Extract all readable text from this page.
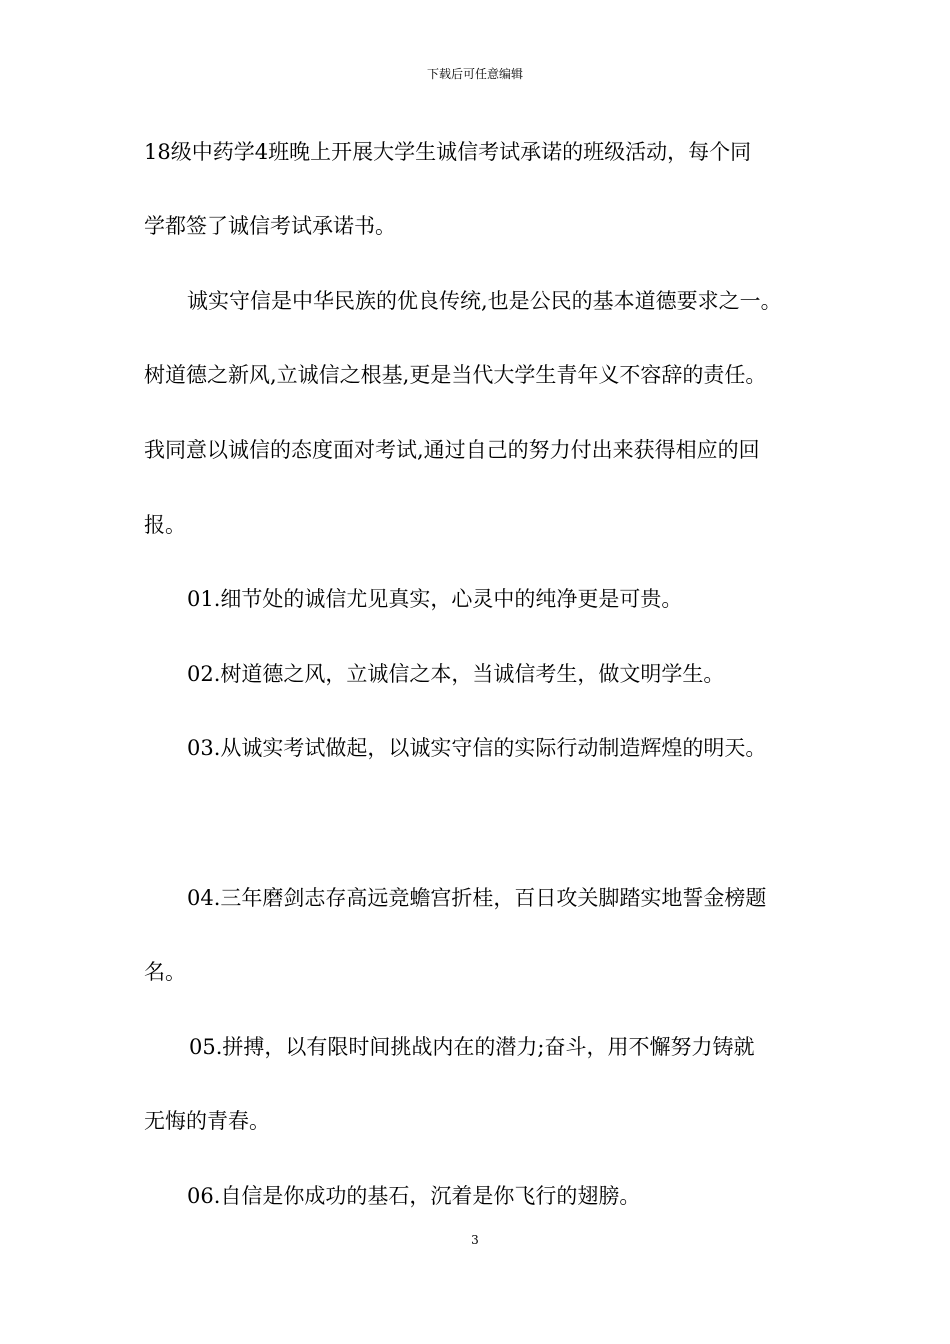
下载后可任意编辑
18级中药学4班晚上开展大学生诚信考试承诺的班级活动，每个同
学都签了诚信考试承诺书。
诚实守信是中华民族的优良传统,也是公民的基本道德要求之一。
树道德之新风,立诚信之根基,更是当代大学生青年义不容辞的责任。
我同意以诚信的态度面对考试,通过自己的努力付出来获得相应的回
报。
01.细节处的诚信尤见真实，心灵中的纯净更是可贵。
02.树道德之风，立诚信之本，当诚信考生，做文明学生。
03.从诚实考试做起，以诚实守信的实际行动制造辉煌的明天。
04.三年磨剑志存高远竞蟾宫折桂，百日攻关脚踏实地誓金榜题
名。
05.拼搏，以有限时间挑战内在的潜力;奋斗，用不懈努力铸就
无悔的青春。
06.自信是你成功的基石，沉着是你飞行的翅膀。
3
